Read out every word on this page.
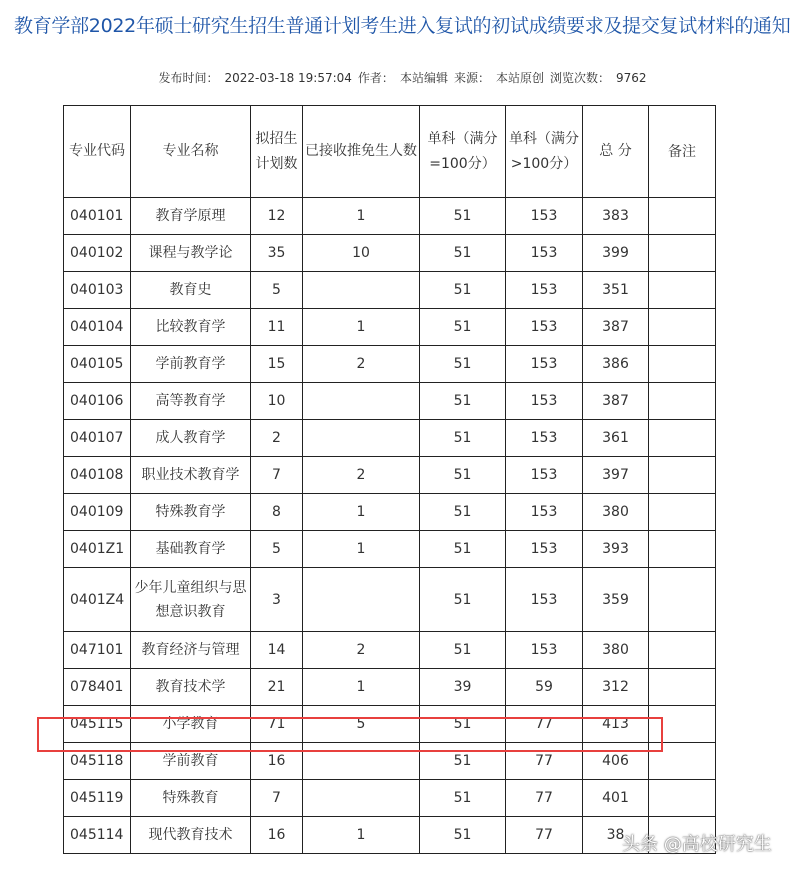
教育学部2022年硕士研究生招生普通计划考生进入复试的初试成绩要求及提交复试材料的通知
发布时间： 2022-03-18 19:57:04 作者： 本站编辑 来源： 本站原创 浏览次数： 9762
专业代码	专业名称	拟招生计划数	已接收推免生人数	单科（满分=100分）	单科（满分>100分）	总 分	备注
040101	教育学原理	12	1	51	153	383	
040102	课程与教学论	35	10	51	153	399	
040103	教育史	5		51	153	351	
040104	比较教育学	11	1	51	153	387	
040105	学前教育学	15	2	51	153	386	
040106	高等教育学	10		51	153	387	
040107	成人教育学	2		51	153	361	
040108	职业技术教育学	7	2	51	153	397	
040109	特殊教育学	8	1	51	153	380	
0401Z1	基础教育学	5	1	51	153	393	
0401Z4	少年儿童组织与思想意识教育	3		51	153	359	
047101	教育经济与管理	14	2	51	153	380	
078401	教育技术学	21	1	39	59	312	
045115	小学教育	71	5	51	77	413	
045118	学前教育	16		51	77	406	
045119	特殊教育	7		51	77	401	
045114	现代教育技术	16	1	51	77	38	
头条 @高校研究生
